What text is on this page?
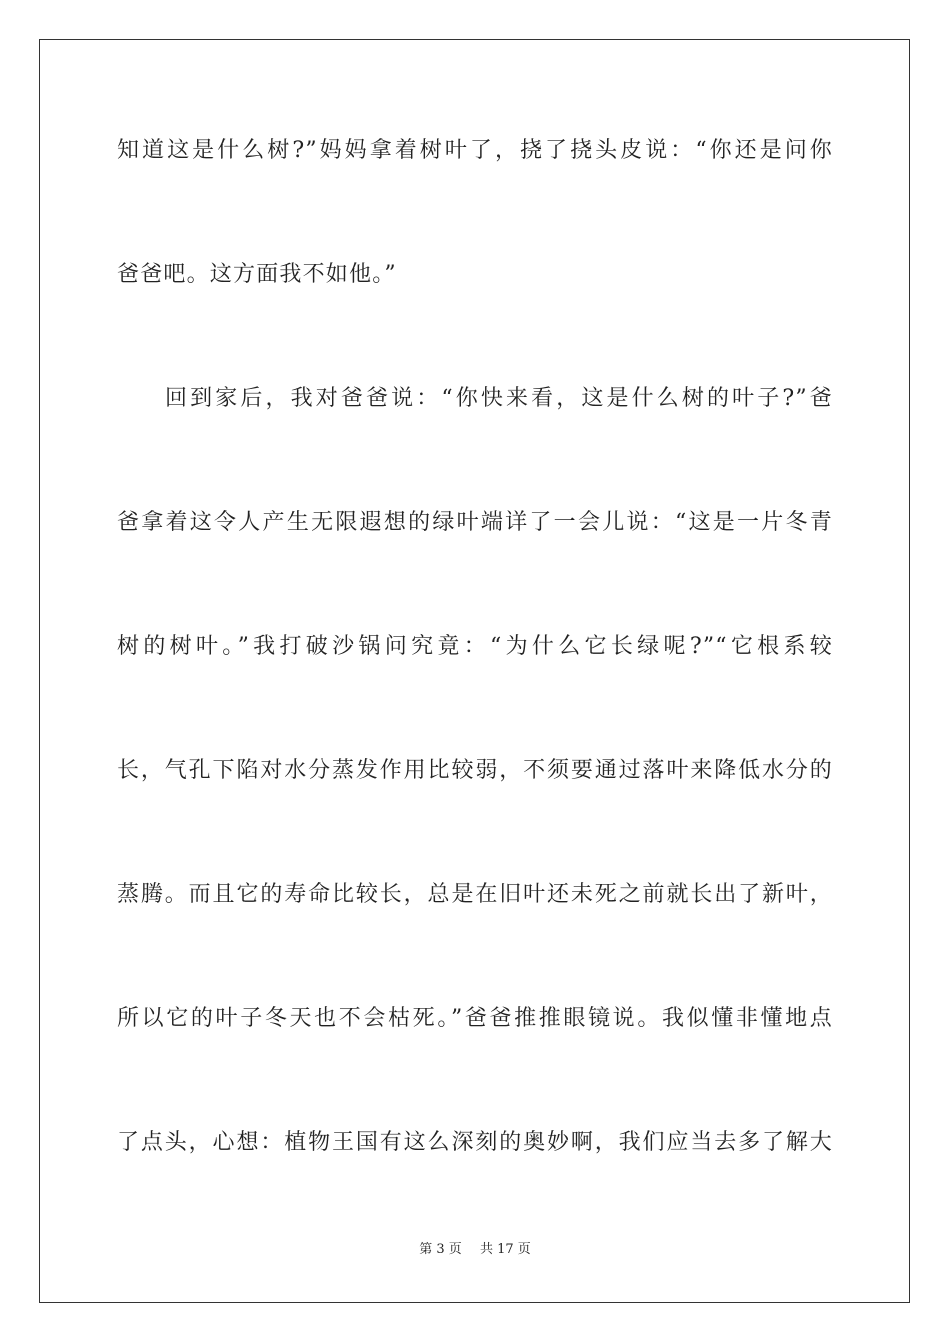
知道这是什么树?”妈妈拿着树叶了，挠了挠头皮说：“你还是问你
爸爸吧。这方面我不如他。”
回到家后，我对爸爸说：“你快来看，这是什么树的叶子?”爸
爸拿着这令人产生无限遐想的绿叶端详了一会儿说：“这是一片冬青
树的树叶。”我打破沙锅问究竟：“为什么它长绿呢?”“它根系较
长，气孔下陷对水分蒸发作用比较弱，不须要通过落叶来降低水分的
蒸腾。而且它的寿命比较长，总是在旧叶还未死之前就长出了新叶，
所以它的叶子冬天也不会枯死。”爸爸推推眼镜说。我似懂非懂地点
了点头，心想：植物王国有这么深刻的奥妙啊，我们应当去多了解大
第 3 页 共 17 页
